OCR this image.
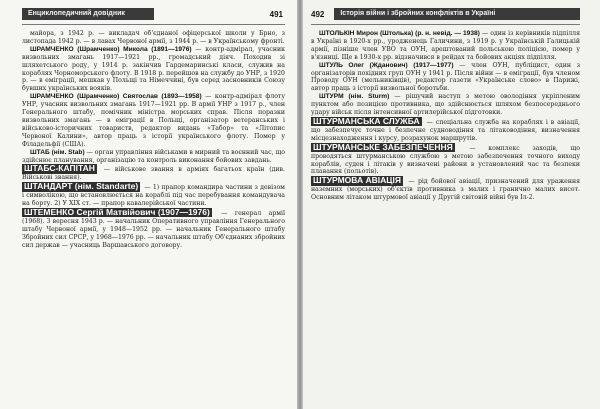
Енциклопедичний довідник	491

майора, з 1942 р. — викладач об'єднаної офіцерської школи у Брно, з листопада 1942 р. — в лавах Червоної армії, з 1944 р. — в Українському фронті.

ШРАМЧЕНКО (Шрамченко) Микола (1891—1976) — контр-адмірал, учасник визвольних змагань 1917—1921 рр., громадський діяч. Походив зі шляхетського роду, у 1914 р. закінчив Гардемаринські класи, служив на кораблях Чорноморського флоту. В 1918 р. перейшов на службу до УНР, з 1920 р. — в еміграції, мешкав у Польщі та Німеччині, був серед засновників Союзу бувших українських вояків.

ШРАМЧЕНКО (Шрамченко) Святослав (1893—1958) — контр-адмірал флоту УНР, учасник визвольних змагань 1917—1921 рр. В армії УНР з 1917 р., член Генерального штабу, помічник міністра морських справ. Після поразки визвольних змагань — в еміграції в Польщі, організатор ветеранських і військово-історичних товариств, редактор видань «Табор» та «Літопис Червоної Калини», автор праць з історії українського флоту. Помер у Філадельфії (США).

ШТАБ (нім. Stab) — орган управління військами в мирний та воєнний час, що здійснює планування, організацію та контроль виконання бойових завдань.

ШТАБС-КАПІТАН — військове звання в арміях багатьох країн (див. Військові звання).

ШТАНДАРТ (нім. Standarte) — 1) прапор командира частини з девізом і символікою, що встановлюється на кораблі під час перебування командувача на борту. 2) У XIX ст. — прапор кавалерійської частини.

ШТЕМЕНКО Сергій Матвійович (1907—1976) — генерал армії (1968). З вересня 1943 р. — начальник Оперативного управління Генерального штабу Червоної армії, у 1948—1952 рр. — начальник Генерального штабу Збройних сил СРСР, у 1968—1976 рр. — начальник штабу Об'єднаних збройних сил держав — учасниць Варшавського договору.

492	Історія війни і збройних конфліктів в Україні

ШТОЛЬКІН Мирон (Штолька) (р. н. невід. — 1938) — один із керівників підпілля в Україні в 1920-х рр., уродженець Галичини, з 1919 р. у Українській Галицькій армії, пізніше член УВО та ОУН, арештований польською поліцією, помер у в'язниці. Ще в 1930-х рр. відзначився в рейдах та бойових акціях підпілля.

ШТУЛЬ Олег (Жданович) (1917—1977) — член ОУН, публіцист, один з організаторів похідних груп ОУН у 1941 р. Після війни — в еміграції, був членом Проводу ОУН (мельниківців), редактор газети «Українське слово» в Парижі, автор праць з історії визвольної боротьби.

ШТУРМ (нім. Sturm) — рішучий наступ з метою оволодіння укріпленим пунктом або позицією противника, що здійснюється шляхом безпосереднього удару військ після інтенсивної артилерійської підготовки.

ШТУРМАНСЬКА СЛУЖБА — спеціальна служба на кораблях і в авіації, що забезпечує точне і безпечне судноводіння та літаководіння, визначення місцезнаходження і курсу, розрахунок маршрутів.

ШТУРМАНСЬКЕ ЗАБЕЗПЕЧЕННЯ — комплекс заходів, що проводяться штурманською службою з метою забезпечення точного виходу кораблів, суден і літаків у визначені райони в установлений час та безпеки плавання (польотів).

ШТУРМОВА АВІАЦІЯ — рід бойової авіації, призначений для ураження наземних (морських) об'єктів противника з малих і гранично малих висот. Основним літаком штурмової авіації у Другій світовій війні був Іл-2.
